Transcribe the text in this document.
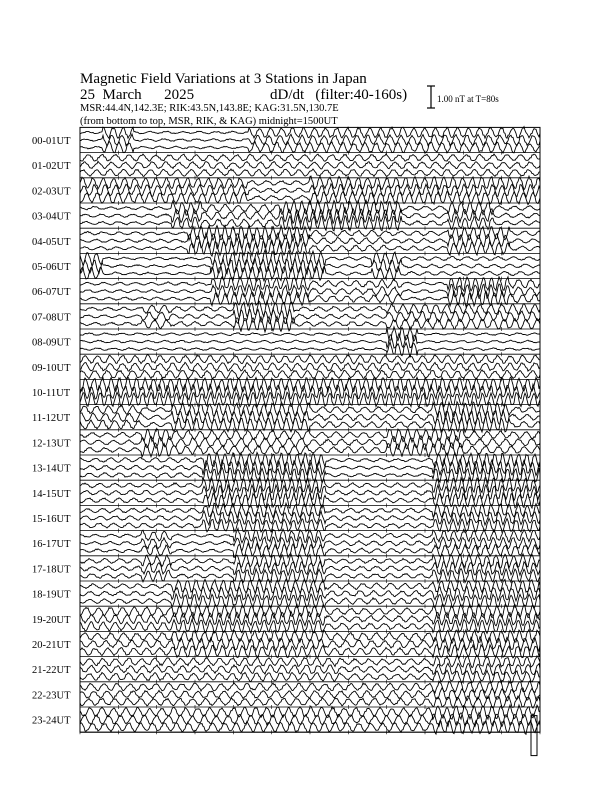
Magnetic Field Variations at 3 Stations in Japan
25 March 2025	dD/dt (filter:40-160s)
MSR:44.4N,142.3E; RIK:43.5N,143.8E; KAG:31.5N,130.7E
(from bottom to top, MSR, RIK, & KAG) midnight=1500UT
1.00 nT at T=80s
00-01UT
01-02UT
02-03UT
03-04UT
04-05UT
05-06UT
06-07UT
07-08UT
08-09UT
09-10UT
10-11UT
11-12UT
12-13UT
13-14UT
14-15UT
15-16UT
16-17UT
17-18UT
18-19UT
19-20UT
20-21UT
21-22UT
22-23UT
23-24UT
